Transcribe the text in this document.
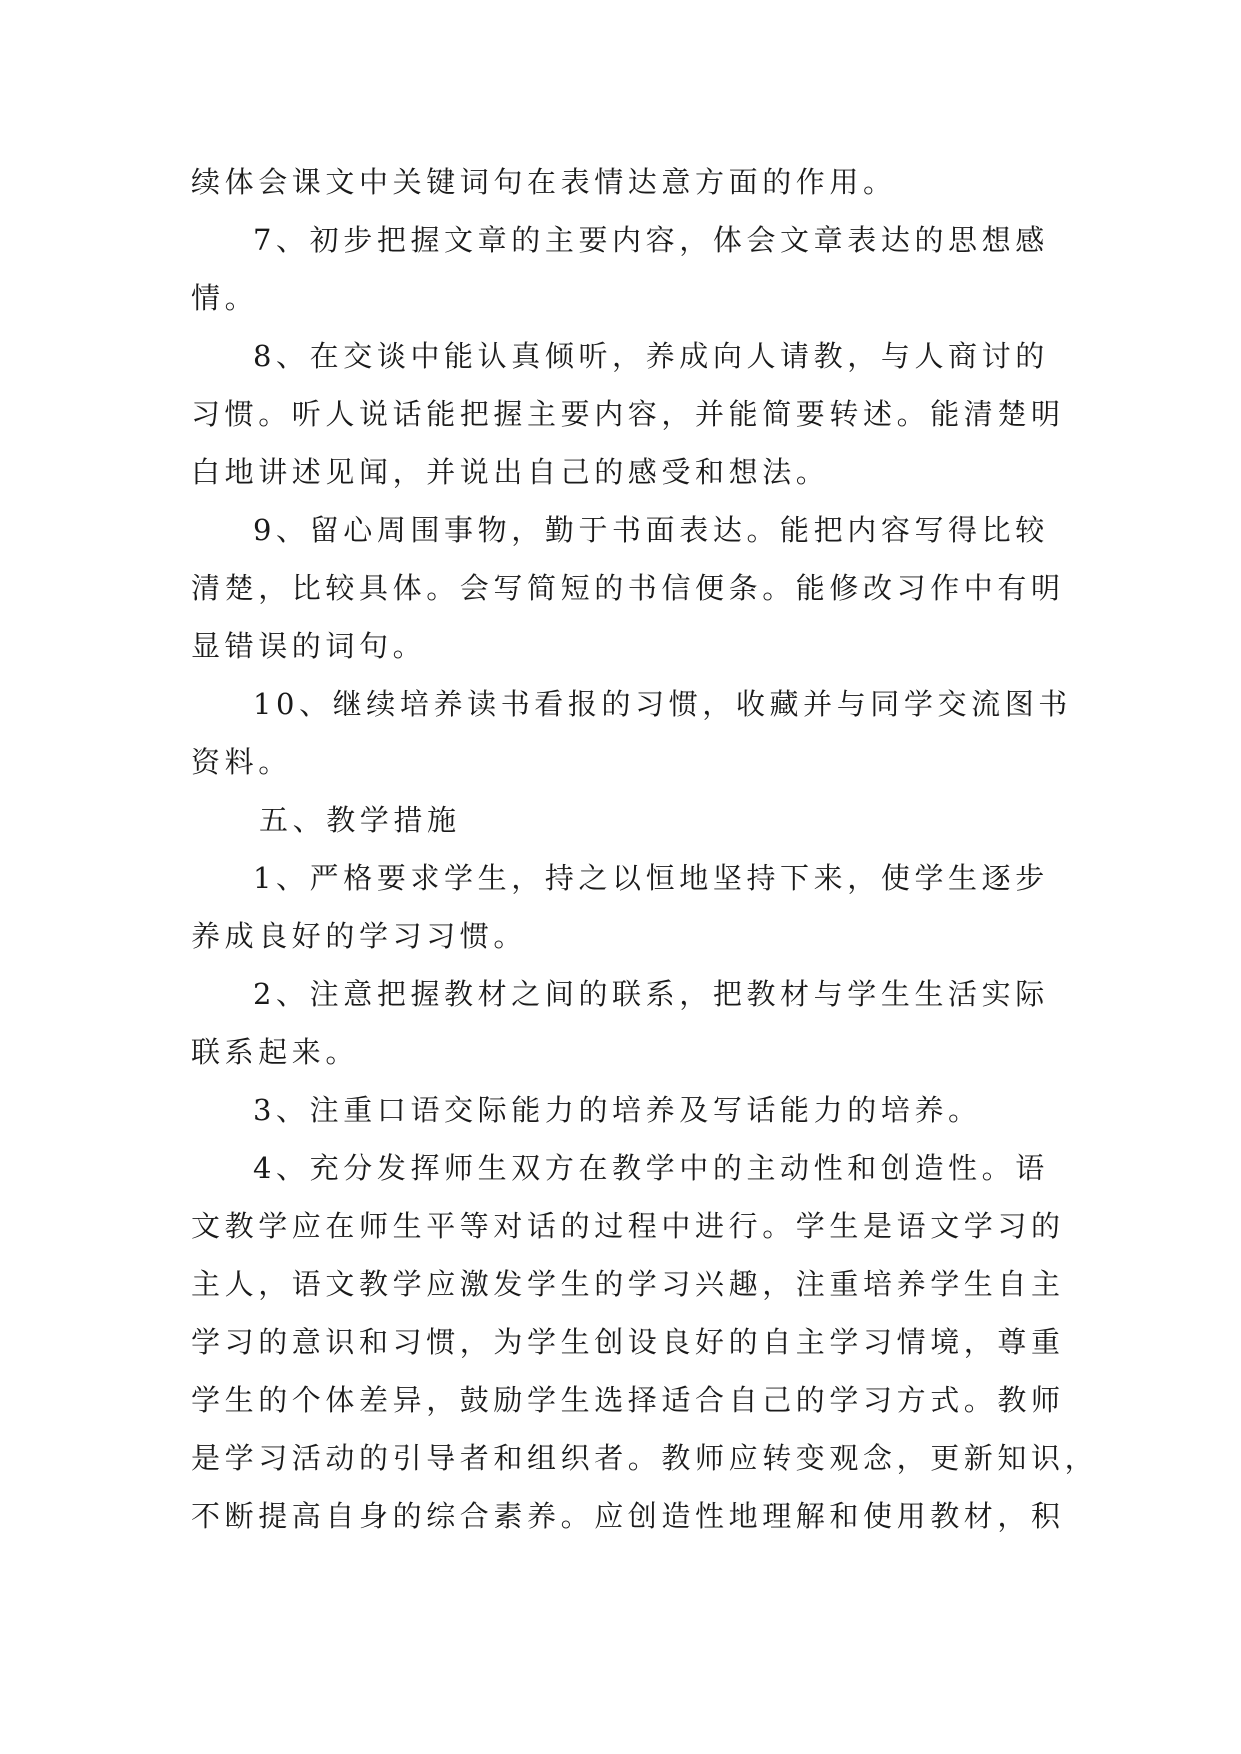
续体会课文中关键词句在表情达意方面的作用。
7、初步把握文章的主要内容，体会文章表达的思想感
情。
8、在交谈中能认真倾听，养成向人请教，与人商讨的
习惯。听人说话能把握主要内容，并能简要转述。能清楚明
白地讲述见闻，并说出自己的感受和想法。
9、留心周围事物，勤于书面表达。能把内容写得比较
清楚，比较具体。会写简短的书信便条。能修改习作中有明
显错误的词句。
10、继续培养读书看报的习惯，收藏并与同学交流图书
资料。
五、教学措施
1、严格要求学生，持之以恒地坚持下来，使学生逐步
养成良好的学习习惯。
2、注意把握教材之间的联系，把教材与学生生活实际
联系起来。
3、注重口语交际能力的培养及写话能力的培养。
4、充分发挥师生双方在教学中的主动性和创造性。语
文教学应在师生平等对话的过程中进行。学生是语文学习的
主人，语文教学应激发学生的学习兴趣，注重培养学生自主
学习的意识和习惯，为学生创设良好的自主学习情境，尊重
学生的个体差异，鼓励学生选择适合自己的学习方式。教师
是学习活动的引导者和组织者。教师应转变观念，更新知识，
不断提高自身的综合素养。应创造性地理解和使用教材，积
